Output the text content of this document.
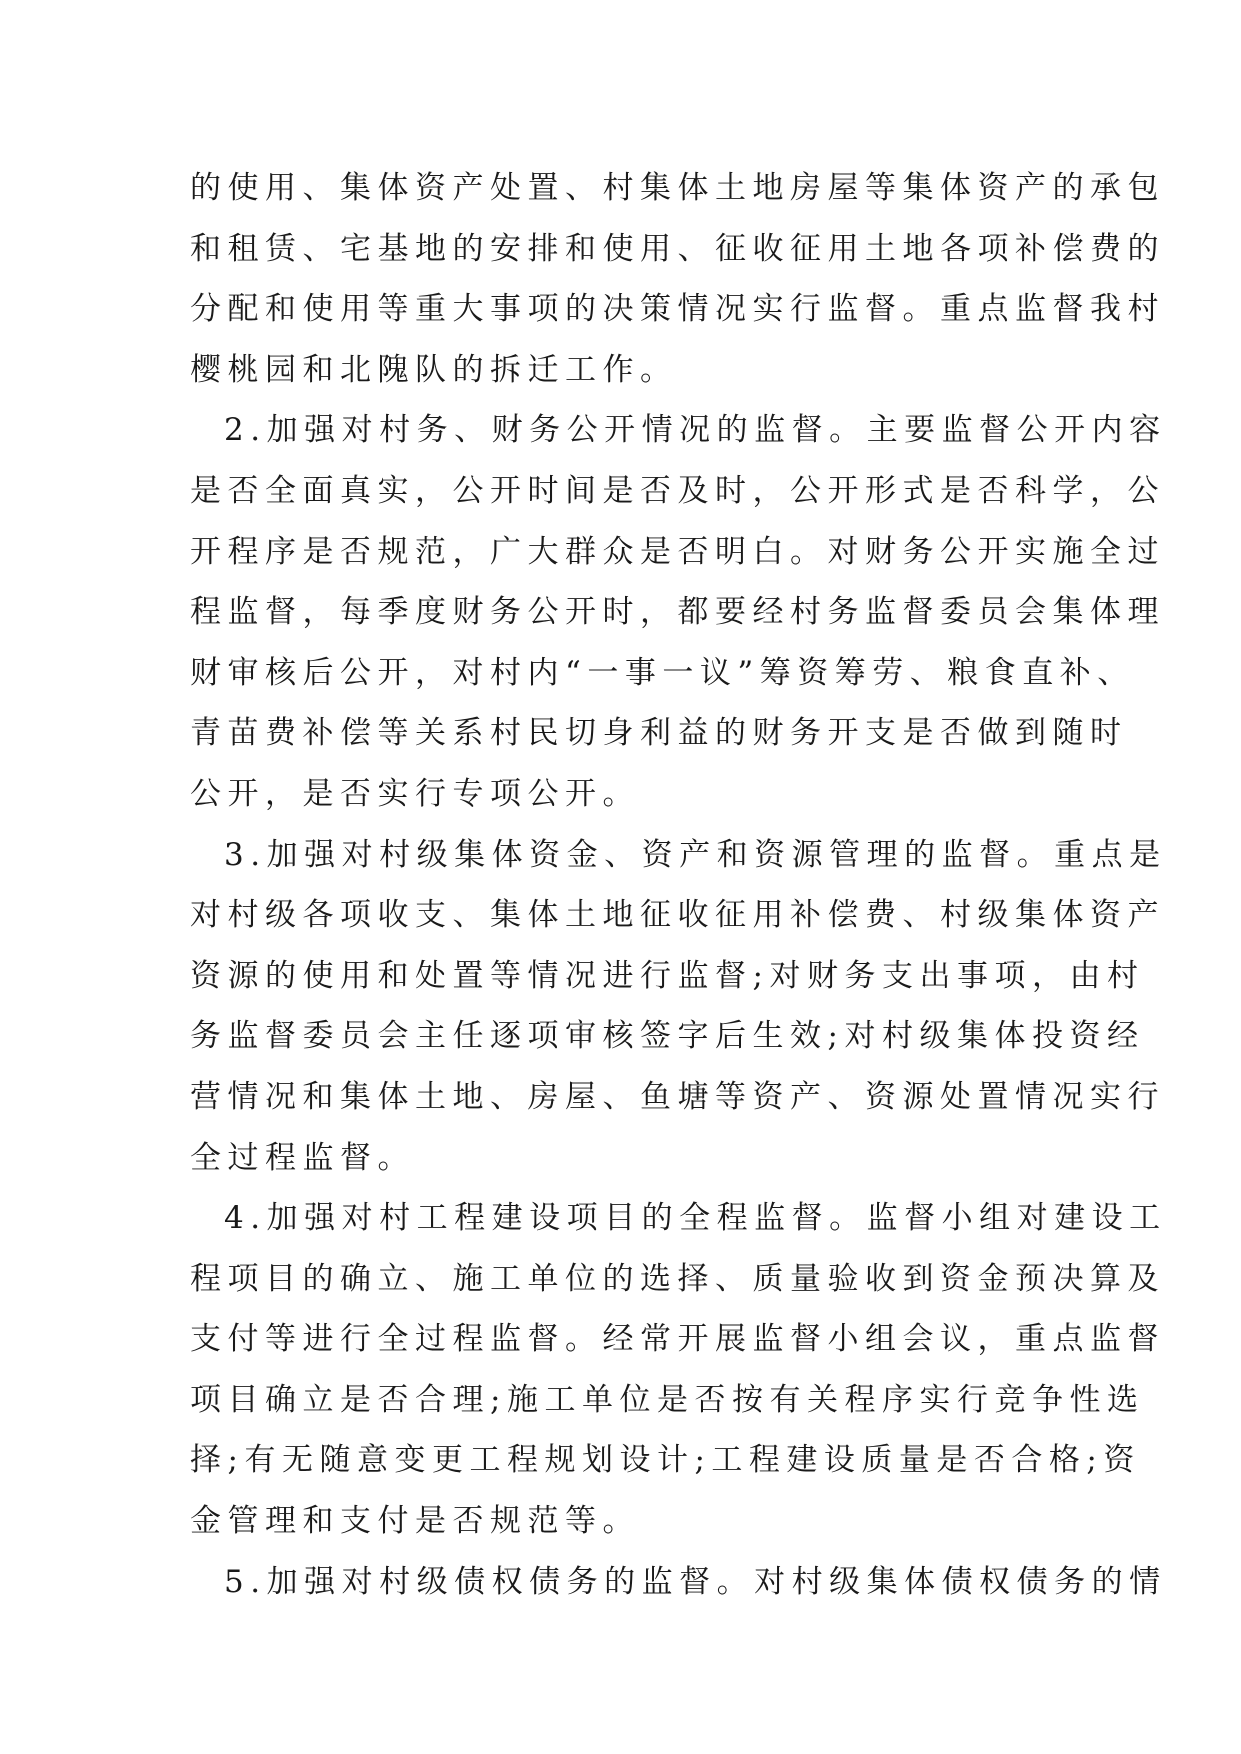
的使用、集体资产处置、村集体土地房屋等集体资产的承包
和租赁、宅基地的安排和使用、征收征用土地各项补偿费的
分配和使用等重大事项的决策情况实行监督。重点监督我村
樱桃园和北隗队的拆迁工作。
2.加强对村务、财务公开情况的监督。主要监督公开内容
是否全面真实，公开时间是否及时，公开形式是否科学，公
开程序是否规范，广大群众是否明白。对财务公开实施全过
程监督，每季度财务公开时，都要经村务监督委员会集体理
财审核后公开，对村内“一事一议”筹资筹劳、粮食直补、
青苗费补偿等关系村民切身利益的财务开支是否做到随时
公开，是否实行专项公开。
3.加强对村级集体资金、资产和资源管理的监督。重点是
对村级各项收支、集体土地征收征用补偿费、村级集体资产
资源的使用和处置等情况进行监督;对财务支出事项，由村
务监督委员会主任逐项审核签字后生效;对村级集体投资经
营情况和集体土地、房屋、鱼塘等资产、资源处置情况实行
全过程监督。
4.加强对村工程建设项目的全程监督。监督小组对建设工
程项目的确立、施工单位的选择、质量验收到资金预决算及
支付等进行全过程监督。经常开展监督小组会议，重点监督
项目确立是否合理;施工单位是否按有关程序实行竞争性选
择;有无随意变更工程规划设计;工程建设质量是否合格;资
金管理和支付是否规范等。
5.加强对村级债权债务的监督。对村级集体债权债务的情
